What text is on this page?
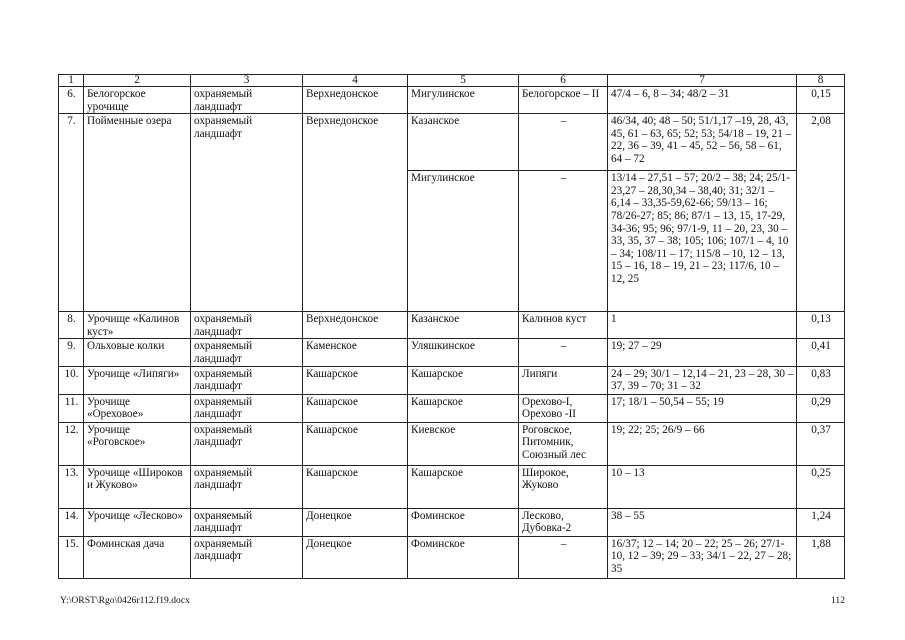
1	2	3	4	5	6	7	8
6.	Белогорское урочище	охраняемый ландшафт	Верхнедонское	Мигулинское	Белогорское – II	47/4 – 6, 8 – 34; 48/2 – 31	0,15
7.	Пойменные озера	охраняемый ландшафт	Верхнедонское	Казанское	–	46/34, 40; 48 – 50; 51/1,17 –19, 28, 43, 45, 61 – 63, 65; 52; 53; 54/18 – 19, 21 – 22, 36 – 39, 41 – 45, 52 – 56, 58 – 61, 64 – 72	2,08
				Мигулинское	–	13/14 – 27,51 – 57; 20/2 – 38; 24; 25/1-23,27 – 28,30,34 – 38,40; 31; 32/1 – 6,14 – 33,35-59,62-66; 59/13 – 16; 78/26-27; 85; 86; 87/1 – 13, 15, 17-29, 34-36; 95; 96; 97/1-9, 11 – 20, 23, 30 – 33, 35, 37 – 38; 105; 106; 107/1 – 4, 10 – 34; 108/11 – 17; 115/8 – 10, 12 – 13, 15 – 16, 18 – 19, 21 – 23; 117/6, 10 – 12, 25	
8.	Урочище «Калинов куст»	охраняемый ландшафт	Верхнедонское	Казанское	Калинов куст	1	0,13
9.	Ольховые колки	охраняемый ландшафт	Каменское	Уляшкинское	–	19; 27 – 29	0,41
10.	Урочище «Липяги»	охраняемый ландшафт	Кашарское	Кашарское	Липяги	24 – 29; 30/1 – 12,14 – 21, 23 – 28, 30 – 37, 39 – 70; 31 – 32	0,83
11.	Урочище «Ореховое»	охраняемый ландшафт	Кашарское	Кашарское	Орехово-I, Орехово -II	17; 18/1 – 50,54 – 55; 19	0,29
12.	Урочище «Роговское»	охраняемый ландшафт	Кашарское	Киевское	Роговское, Питомник, Союзный лес	19; 22; 25; 26/9 – 66	0,37
13.	Урочище «Широков и Жуково»	охраняемый ландшафт	Кашарское	Кашарское	Широкое, Жуково	10 – 13	0,25
14.	Урочище «Лесково»	охраняемый ландшафт	Донецкое	Фоминское	Лесково, Дубовка-2	38 – 55	1,24
15.	Фоминская дача	охраняемый ландшафт	Донецкое	Фоминское	–	16/37; 12 – 14; 20 – 22; 25 – 26; 27/1-10, 12 – 39; 29 – 33; 34/1 – 22, 27 – 28; 35	1,88
Y:\ORST\Rgo\0426r112.f19.docx	112
